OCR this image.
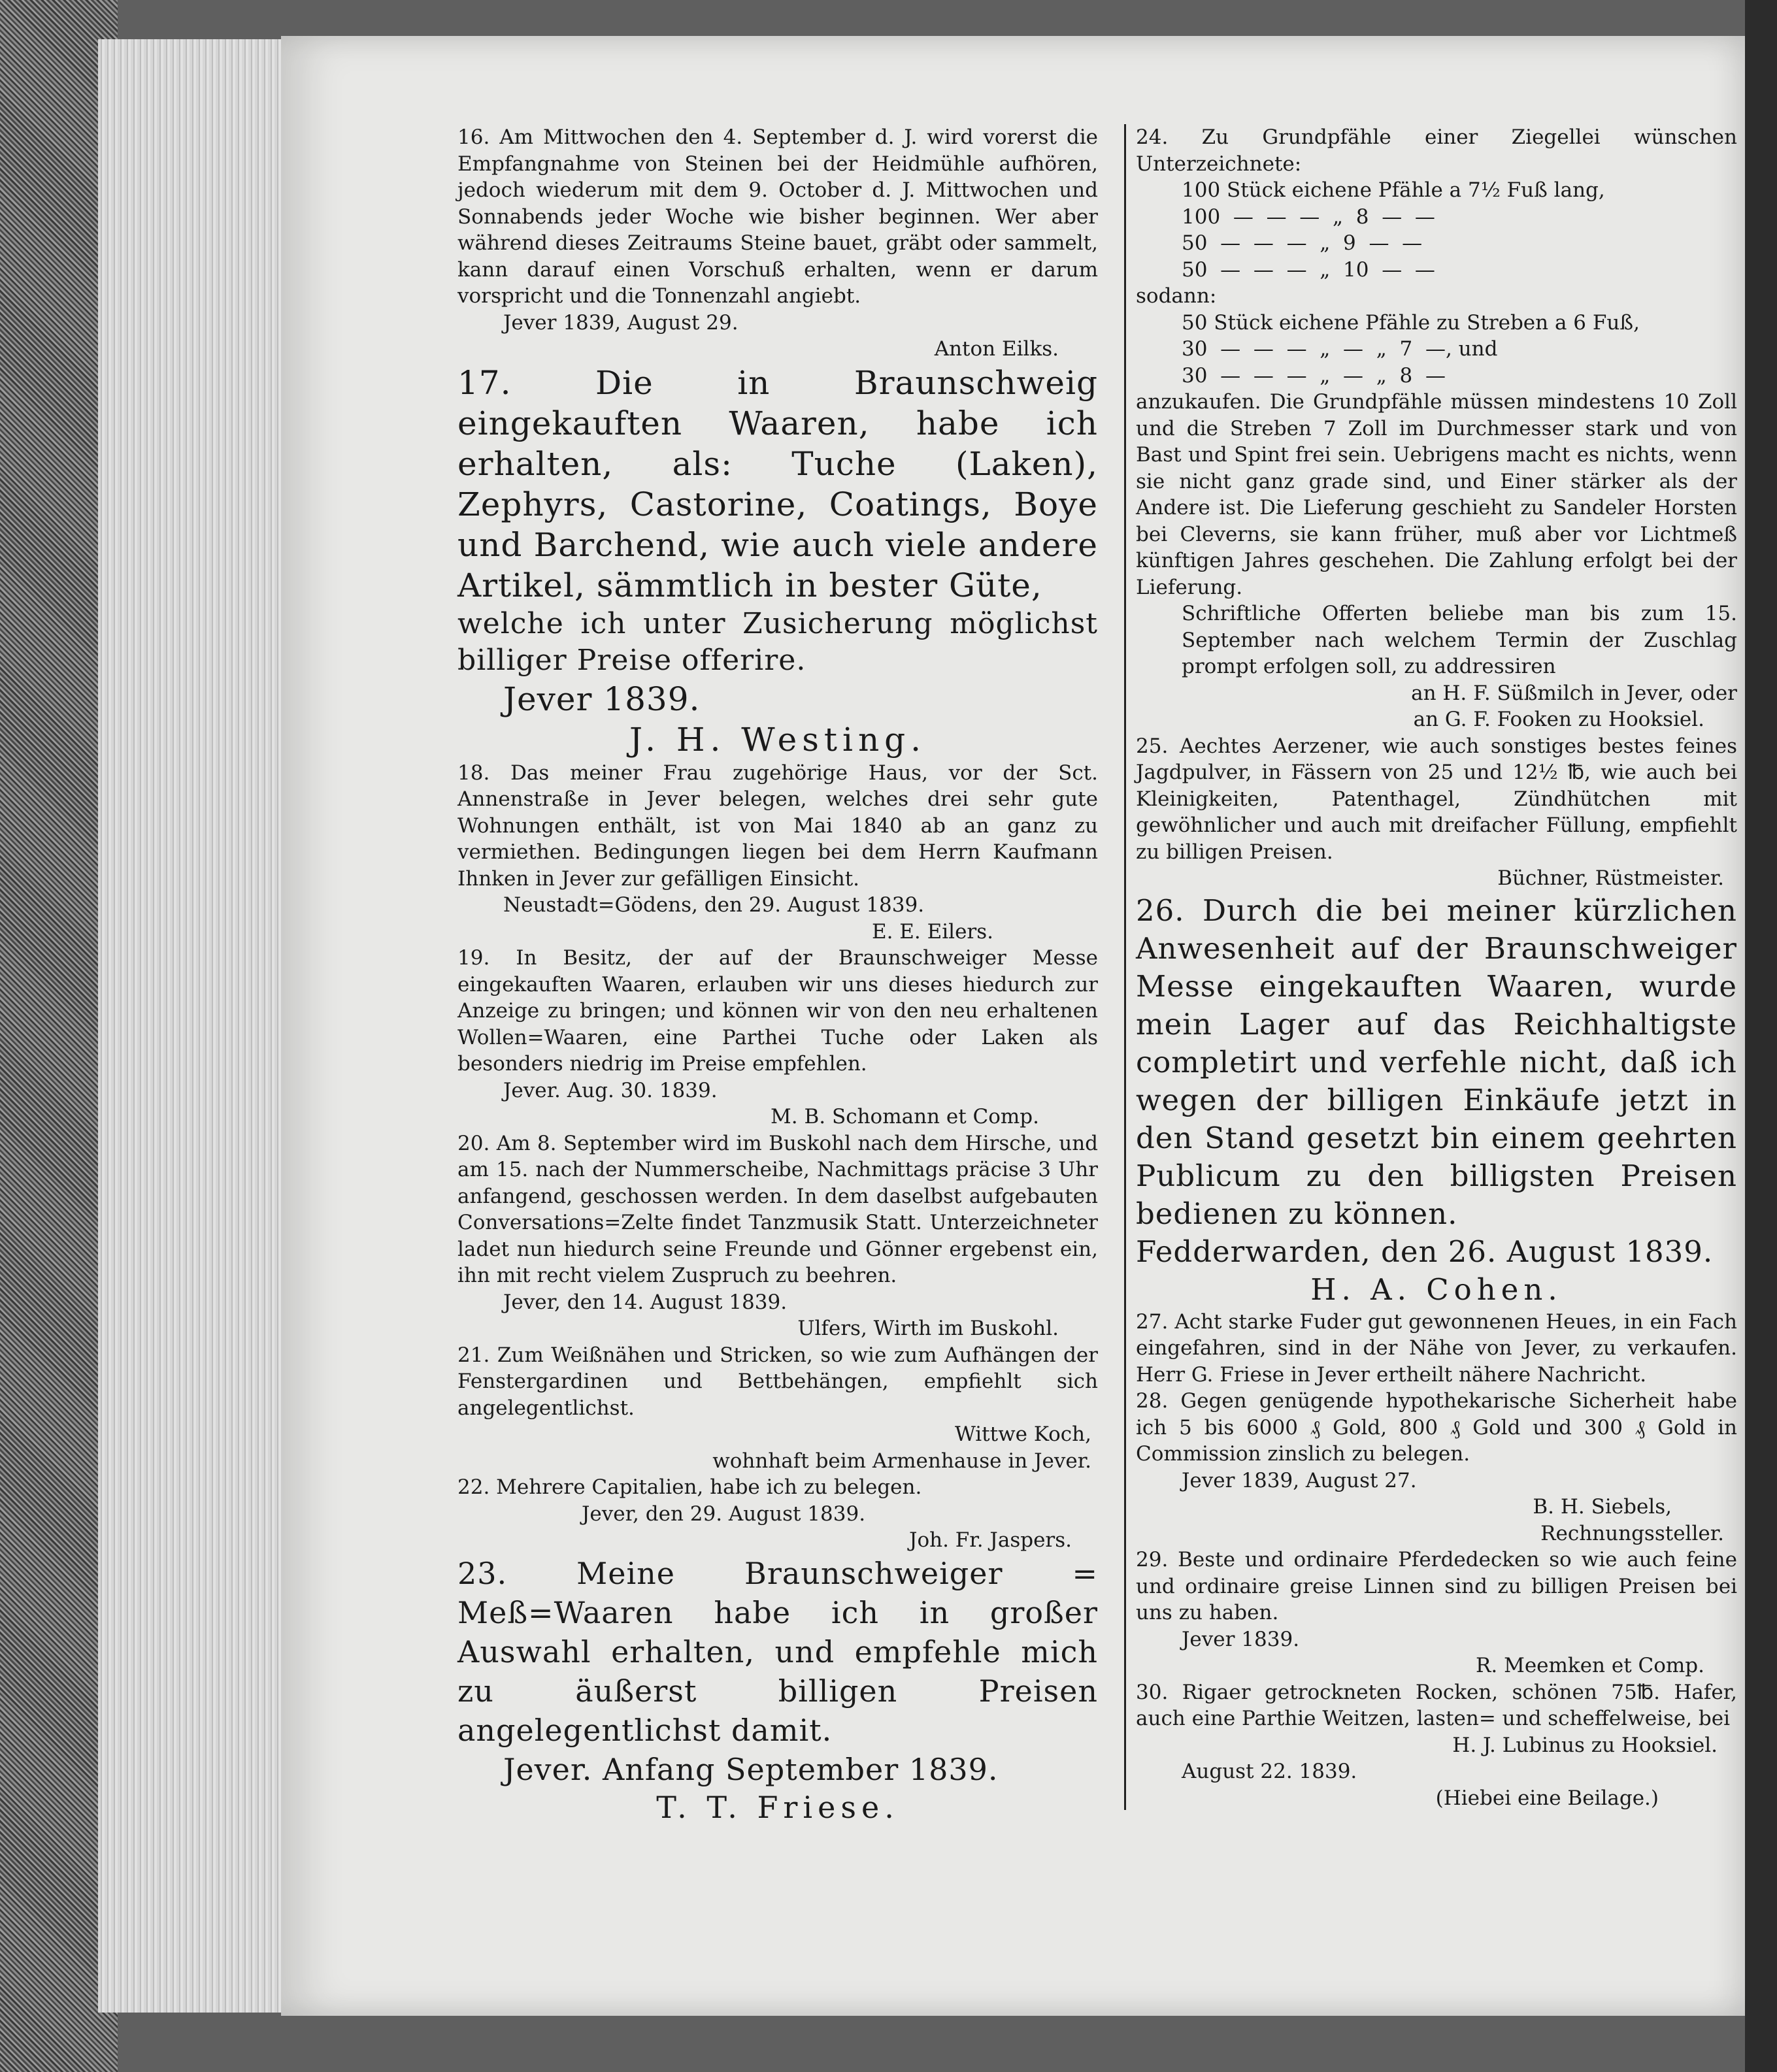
16. Am Mittwochen den 4. September d. J. wird vorerst die Empfangnahme von Steinen bei der Heidmühle aufhören, jedoch wiederum mit dem 9. October d. J. Mittwochen und Sonnabends jeder Woche wie bisher beginnen. Wer aber während dieses Zeitraums Steine bauet, gräbt oder sammelt, kann darauf einen Vorschuß erhalten, wenn er darum vorspricht und die Tonnenzahl angiebt.

Jever 1839, August 29.

Anton Eilks.

17. Die in Braunschweig eingekauften Waaren, habe ich erhalten, als: Tuche (Laken), Zephyrs, Castorine, Coatings, Boye und Barchend, wie auch viele andere Artikel, sämmtlich in bester Güte,

welche ich unter Zusicherung möglichst billiger Preise offerire.

Jever 1839.

J. H. Westing.

18. Das meiner Frau zugehörige Haus, vor der Sct. Annenstraße in Jever belegen, welches drei sehr gute Wohnungen enthält, ist von Mai 1840 ab an ganz zu vermiethen. Bedingungen liegen bei dem Herrn Kaufmann Ihnken in Jever zur gefälligen Einsicht.

Neustadt=Gödens, den 29. August 1839.

E. E. Eilers.

19. In Besitz, der auf der Braunschweiger Messe eingekauften Waaren, erlauben wir uns dieses hiedurch zur Anzeige zu bringen; und können wir von den neu erhaltenen Wollen=Waaren, eine Parthei Tuche oder Laken als besonders niedrig im Preise empfehlen.

Jever. Aug. 30. 1839.

M. B. Schomann et Comp.

20. Am 8. September wird im Buskohl nach dem Hirsche, und am 15. nach der Nummerscheibe, Nachmittags präcise 3 Uhr anfangend, geschossen werden. In dem daselbst aufgebauten Conversations=Zelte findet Tanzmusik Statt. Unterzeichneter ladet nun hiedurch seine Freunde und Gönner ergebenst ein, ihn mit recht vielem Zuspruch zu beehren.

Jever, den 14. August 1839.

Ulfers, Wirth im Buskohl.

21. Zum Weißnähen und Stricken, so wie zum Aufhängen der Fenstergardinen und Bettbehängen, empfiehlt sich angelegentlichst.

Wittwe Koch,

wohnhaft beim Armenhause in Jever.

22. Mehrere Capitalien, habe ich zu belegen.

Jever, den 29. August 1839.

Joh. Fr. Jaspers.

23. Meine Braunschweiger = Meß=Waaren habe ich in großer Auswahl erhalten, und empfehle mich zu äußerst billigen Preisen angelegentlichst damit.

Jever. Anfang September 1839.

T. T. Friese.

24. Zu Grundpfähle einer Ziegellei wünschen Unterzeichnete:

100 Stück eichene Pfähle a 7½ Fuß lang,

100  —  —  —  „  8  —  —

50  —  —  —  „  9  —  —

50  —  —  —  „  10  —  —

sodann:

50 Stück eichene Pfähle zu Streben a 6 Fuß,

30  —  —  —  „  —  „  7  —, und

30  —  —  —  „  —  „  8  —

anzukaufen. Die Grundpfähle müssen mindestens 10 Zoll und die Streben 7 Zoll im Durchmesser stark und von Bast und Spint frei sein. Uebrigens macht es nichts, wenn sie nicht ganz grade sind, und Einer stärker als der Andere ist. Die Lieferung geschieht zu Sandeler Horsten bei Cleverns, sie kann früher, muß aber vor Lichtmeß künftigen Jahres geschehen. Die Zahlung erfolgt bei der Lieferung.

Schriftliche Offerten beliebe man bis zum 15. September nach welchem Termin der Zuschlag prompt erfolgen soll, zu addressiren

an H. F. Süßmilch in Jever, oder

an G. F. Fooken zu Hooksiel.

25. Aechtes Aerzener, wie auch sonstiges bestes feines Jagdpulver, in Fässern von 25 und 12½ ℔, wie auch bei Kleinigkeiten, Patenthagel, Zündhütchen mit gewöhnlicher und auch mit dreifacher Füllung, empfiehlt zu billigen Preisen.

Büchner, Rüstmeister.

26. Durch die bei meiner kürzlichen Anwesenheit auf der Braunschweiger Messe eingekauften Waaren, wurde mein Lager auf das Reichhaltigste completirt und verfehle nicht, daß ich wegen der billigen Einkäufe jetzt in den Stand gesetzt bin einem geehrten Publicum zu den billigsten Preisen bedienen zu können.

Fedderwarden, den 26. August 1839.

H. A. Cohen.

27. Acht starke Fuder gut gewonnenen Heues, in ein Fach eingefahren, sind in der Nähe von Jever, zu verkaufen. Herr G. Friese in Jever ertheilt nähere Nachricht.

28. Gegen genügende hypothekarische Sicherheit habe ich 5 bis 6000 ₰ Gold, 800 ₰ Gold und 300 ₰ Gold in Commission zinslich zu belegen.

Jever 1839, August 27.

B. H. Siebels,

Rechnungssteller.

29. Beste und ordinaire Pferdedecken so wie auch feine und ordinaire greise Linnen sind zu billigen Preisen bei uns zu haben.

Jever 1839.

R. Meemken et Comp.

30. Rigaer getrockneten Rocken, schönen 75℔. Hafer, auch eine Parthie Weitzen, lasten= und scheffelweise, bei

H. J. Lubinus zu Hooksiel.

August 22. 1839.

(Hiebei eine Beilage.)
